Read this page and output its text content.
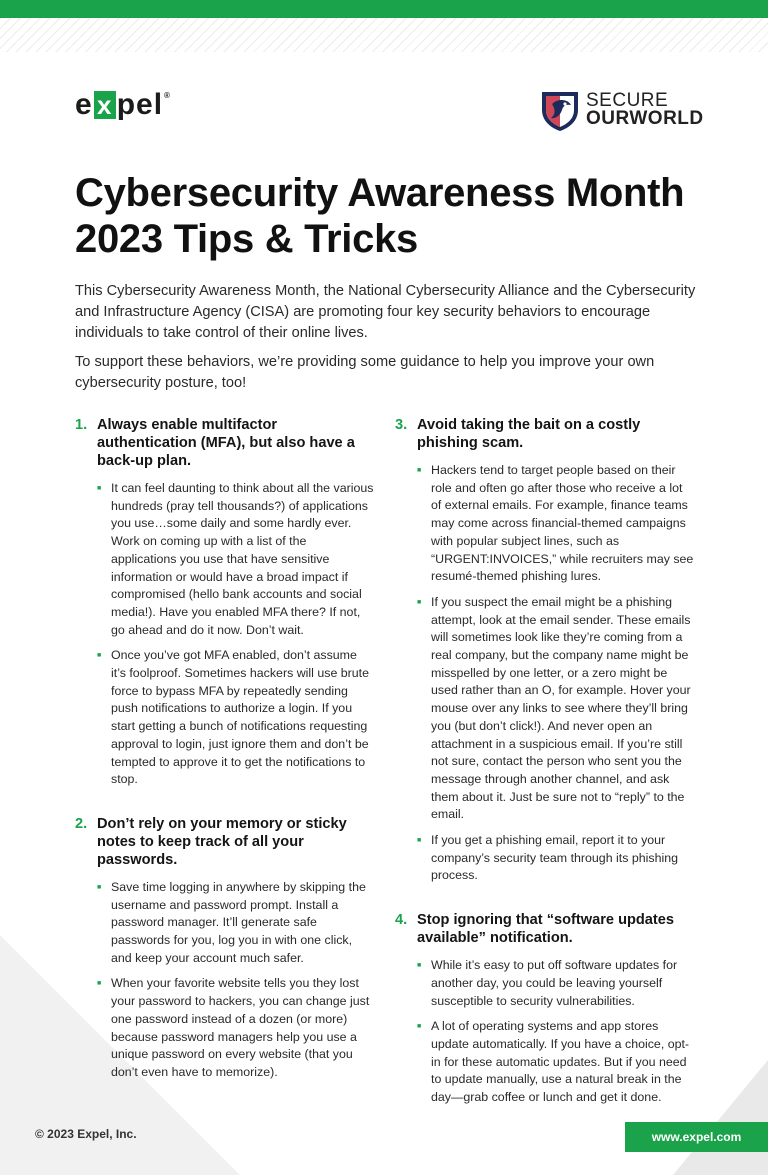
e x pel ®	SECURE
OURWORLD
Cybersecurity Awareness Month 2023 Tips & Tricks

This Cybersecurity Awareness Month, the National Cybersecurity Alliance and the Cybersecurity and Infrastructure Agency (CISA) are promoting four key security behaviors to encourage individuals to take control of their online lives.

To support these behaviors, we’re providing some guidance to help you improve your own cybersecurity posture, too!

1. Always enable multifactor authentication (MFA), but also have a back-up plan.
■ It can feel daunting to think about all the various hundreds (pray tell thousands?) of applications you use…some daily and some hardly ever. Work on coming up with a list of the applications you use that have sensitive information or would have a broad impact if compromised (hello bank accounts and social media!). Have you enabled MFA there? If not, go ahead and do it now. Don’t wait.
■ Once you’ve got MFA enabled, don’t assume it’s foolproof. Sometimes hackers will use brute force to bypass MFA by repeatedly sending push notifications to authorize a login. If you start getting a bunch of notifications requesting approval to login, just ignore them and don’t be tempted to approve it to get the notifications to stop.
2. Don’t rely on your memory or sticky notes to keep track of all your passwords.
■ Save time logging in anywhere by skipping the username and password prompt. Install a password manager. It’ll generate safe passwords for you, log you in with one click, and keep your account much safer.
■ When your favorite website tells you they lost your password to hackers, you can change just one password instead of a dozen (or more) because password managers help you use a unique password on every website (that you don’t even have to memorize).
3. Avoid taking the bait on a costly phishing scam.
■ Hackers tend to target people based on their role and often go after those who receive a lot of external emails. For example, finance teams may come across financial-themed campaigns with popular subject lines, such as “URGENT:INVOICES,” while recruiters may see resumé-themed phishing lures.
■ If you suspect the email might be a phishing attempt, look at the email sender. These emails will sometimes look like they’re coming from a real company, but the company name might be misspelled by one letter, or a zero might be used rather than an O, for example. Hover your mouse over any links to see where they’ll bring you (but don’t click!). And never open an attachment in a suspicious email. If you’re still not sure, contact the person who sent you the message through another channel, and ask them about it. Just be sure not to “reply” to the email.
■ If you get a phishing email, report it to your company’s security team through its phishing process.
4. Stop ignoring that “software updates available” notification.
■ While it’s easy to put off software updates for another day, you could be leaving yourself susceptible to security vulnerabilities.
■ A lot of operating systems and app stores update automatically. If you have a choice, opt-in for these automatic updates. But if you need to update manually, use a natural break in the day—grab coffee or lunch and get it done.
© 2023 Expel, Inc.	www.expel.com
